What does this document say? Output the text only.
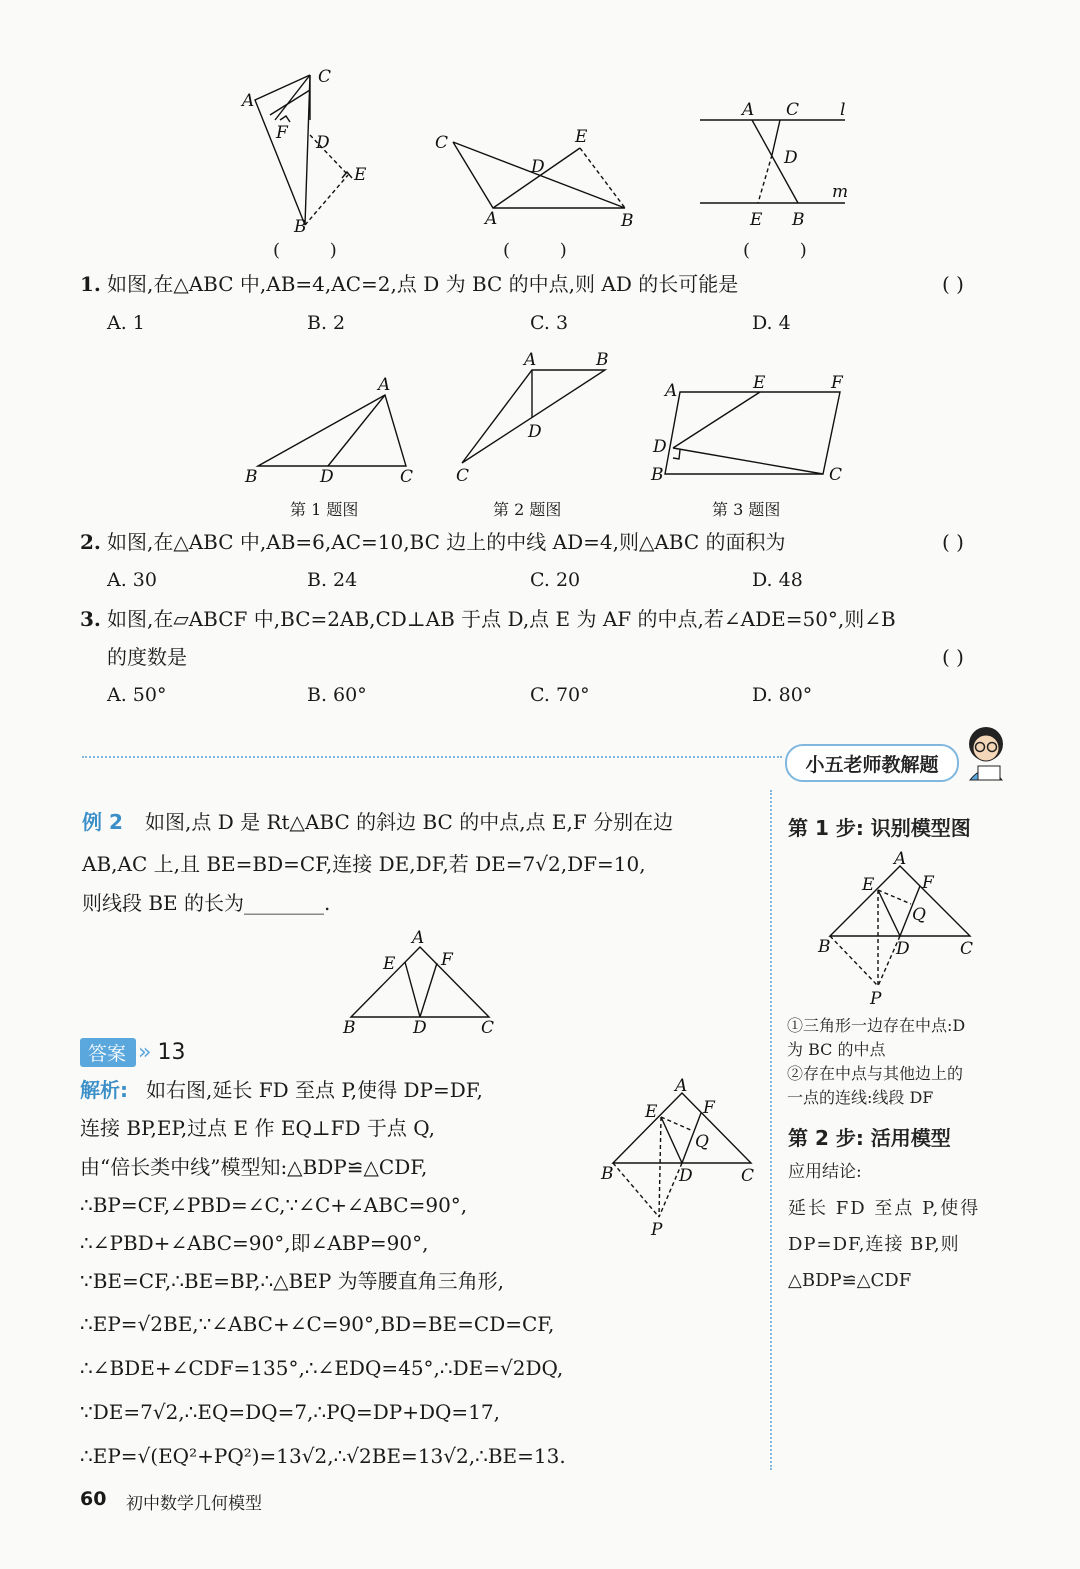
A
C
F D
E
B
C	E
D
A	B
A C l
D
m
E B
( )	( )	( )
1. 如图,在△ABC 中,AB=4,AC=2,点 D 为 BC 的中点,则 AD 的长可能是	( )
A. 1	B. 2	C. 3	D. 4
A
B	D	C
第 1 题图
A	B
D
C
第 2 题图
A	E	F
D
B	C
第 3 题图
2. 如图,在△ABC 中,AB=6,AC=10,BC 边上的中线 AD=4,则△ABC 的面积为	( )
A. 30	B. 24	C. 20	D. 48
3. 如图,在▱ABCF 中,BC=2AB,CD⊥AB 于点 D,点 E 为 AF 的中点,若∠ADE=50°,则∠B
的度数是	( )
A. 50°	B. 60°	C. 70°	D. 80°
小五老师教解题
例 2 如图,点 D 是 Rt△ABC 的斜边 BC 的中点,点 E,F 分别在边
AB,AC 上,且 BE=BD=CF,连接 DE,DF,若 DE=7√2,DF=10,
则线段 BE 的长为________.
A
E	F
B	D	C
答案 » 13
解析: 如右图,延长 FD 至点 P,使得 DP=DF,
连接 BP,EP,过点 E 作 EQ⊥FD 于点 Q,
由“倍长类中线”模型知:△BDP≌△CDF,
∴BP=CF,∠PBD=∠C,∵∠C+∠ABC=90°,
∴∠PBD+∠ABC=90°,即∠ABP=90°,
∵BE=CF,∴BE=BP,∴△BEP 为等腰直角三角形,
∴EP=√2BE,∵∠ABC+∠C=90°,BD=BE=CD=CF,
∴∠BDE+∠CDF=135°,∴∠EDQ=45°,∴DE=√2DQ,
∵DE=7√2,∴EQ=DQ=7,∴PQ=DP+DQ=17,
∴EP=√(EQ²+PQ²)=13√2,∴√2BE=13√2,∴BE=13.
A
E	F
Q
B	D	C
P
第 1 步: 识别模型图
A
E	F
Q
B	D	C
P
①三角形一边存在中点:D
为 BC 的中点
②存在中点与其他边上的
一点的连线:线段 DF
第 2 步: 活用模型
应用结论:
延长 FD 至点 P,使得
DP=DF,连接 BP,则
△BDP≌△CDF
60 初中数学几何模型
